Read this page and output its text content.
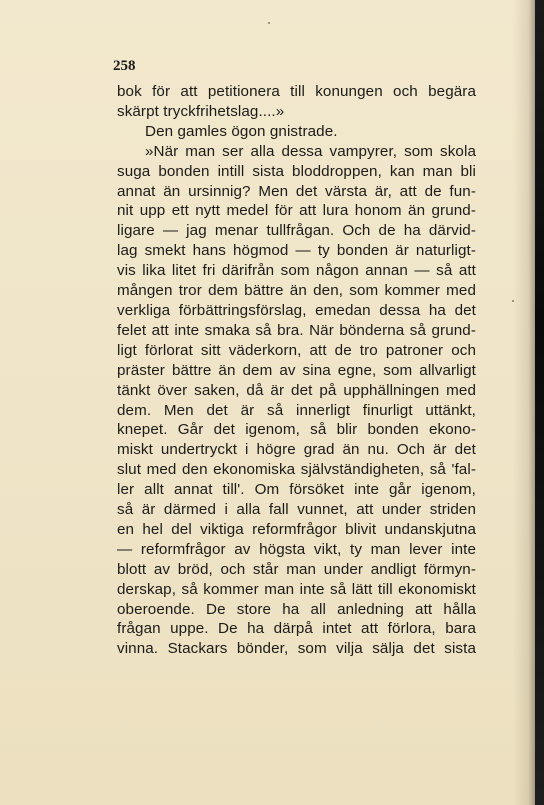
258
bok för att petitionera till konungen och begära
skärpt tryckfrihetslag....»
Den gamles ögon gnistrade.
»När man ser alla dessa vampyrer, som skola
suga bonden intill sista bloddroppen, kan man bli
annat än ursinnig? Men det värsta är, att de fun-
nit upp ett nytt medel för att lura honom än grund-
ligare — jag menar tullfrågan. Och de ha därvid-
lag smekt hans högmod — ty bonden är naturligt-
vis lika litet fri därifrån som någon annan — så att
mången tror dem bättre än den, som kommer med
verkliga förbättringsförslag, emedan dessa ha det
felet att inte smaka så bra. När bönderna så grund-
ligt förlorat sitt väderkorn, att de tro patroner och
präster bättre än dem av sina egne, som allvarligt
tänkt över saken, då är det på upphällningen med
dem. Men det är så innerligt finurligt uttänkt,
knepet. Går det igenom, så blir bonden ekono-
miskt undertryckt i högre grad än nu. Och är det
slut med den ekonomiska självständigheten, så 'fal-
ler allt annat till'. Om försöket inte går igenom,
så är därmed i alla fall vunnet, att under striden
en hel del viktiga reformfrågor blivit undanskjutna
— reformfrågor av högsta vikt, ty man lever inte
blott av bröd, och står man under andligt förmyn-
derskap, så kommer man inte så lätt till ekonomiskt
oberoende. De store ha all anledning att hålla
frågan uppe. De ha därpå intet att förlora, bara
vinna. Stackars bönder, som vilja sälja det sista
